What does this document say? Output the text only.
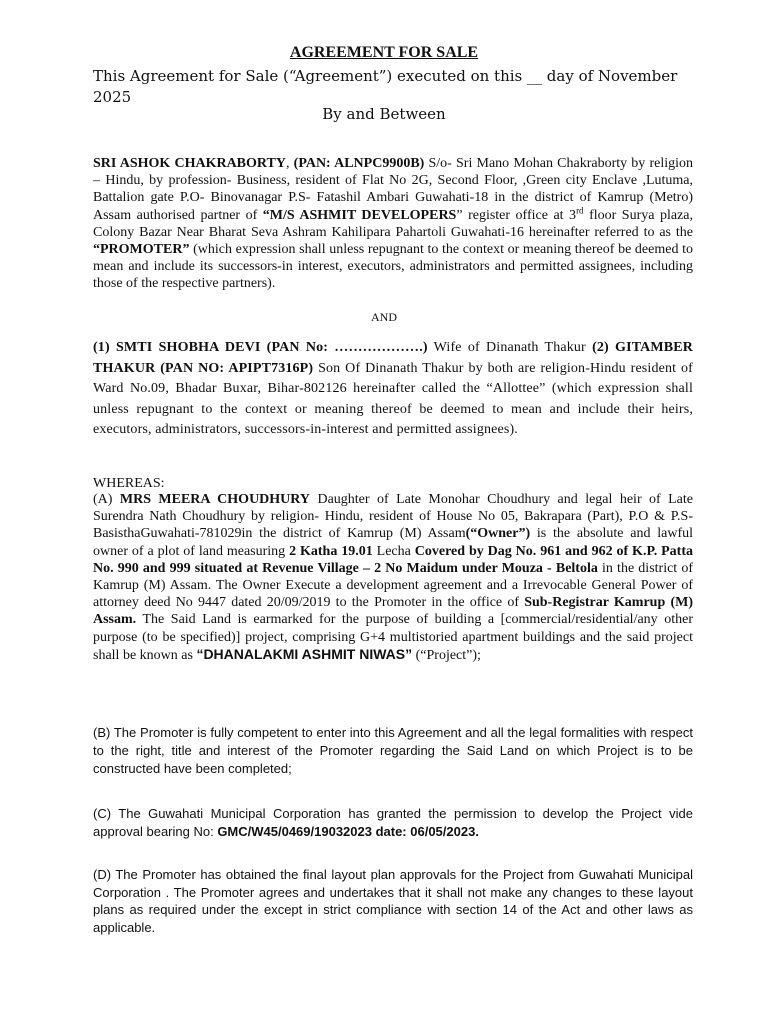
AGREEMENT FOR SALE
This Agreement for Sale (“Agreement”) executed on this __ day of November 2025
By and Between

SRI ASHOK CHAKRABORTY, (PAN: ALNPC9900B) S/o- Sri Mano Mohan Chakraborty by religion – Hindu, by profession- Business, resident of Flat No 2G, Second Floor, ,Green city Enclave ,Lutuma, Battalion gate P.O- Binovanagar P.S- Fatashil Ambari Guwahati-18 in the district of Kamrup (Metro) Assam authorised partner of “M/S ASHMIT DEVELOPERS” register office at 3rd floor Surya plaza, Colony Bazar Near Bharat Seva Ashram Kahilipara Pahartoli Guwahati-16 hereinafter referred to as the “PROMOTER” (which expression shall unless repugnant to the context or meaning thereof be deemed to mean and include its successors-in interest, executors, administrators and permitted assignees, including those of the respective partners).

AND

(1) SMTI SHOBHA DEVI (PAN No: ……………….) Wife of Dinanath Thakur (2) GITAMBER THAKUR (PAN NO: APIPT7316P) Son Of Dinanath Thakur by both are religion-Hindu resident of Ward No.09, Bhadar Buxar, Bihar-802126 hereinafter called the “Allottee” (which expression shall unless repugnant to the context or meaning thereof be deemed to mean and include their heirs, executors, administrators, successors-in-interest and permitted assignees).

WHEREAS:

(A) MRS MEERA CHOUDHURY Daughter of Late Monohar Choudhury and legal heir of Late Surendra Nath Choudhury by religion- Hindu, resident of House No 05, Bakrapara (Part), P.O & P.S- BasisthaGuwahati-781029in the district of Kamrup (M) Assam(“Owner”) is the absolute and lawful owner of a plot of land measuring 2 Katha 19.01 Lecha Covered by Dag No. 961 and 962 of K.P. Patta No. 990 and 999 situated at Revenue Village – 2 No Maidum under Mouza - Beltola in the district of Kamrup (M) Assam. The Owner Execute a development agreement and a Irrevocable General Power of attorney deed No 9447 dated 20/09/2019 to the Promoter in the office of Sub-Registrar Kamrup (M) Assam. The Said Land is earmarked for the purpose of building a [commercial/residential/any other purpose (to be specified)] project, comprising G+4 multistoried apartment buildings and the said project shall be known as “DHANALAKMI ASHMIT NIWAS” (“Project”);

(B) The Promoter is fully competent to enter into this Agreement and all the legal formalities with respect to the right, title and interest of the Promoter regarding the Said Land on which Project is to be constructed have been completed;

(C) The Guwahati Municipal Corporation has granted the permission to develop the Project vide approval bearing No: GMC/W45/0469/19032023 date: 06/05/2023.

(D) The Promoter has obtained the final layout plan approvals for the Project from Guwahati Municipal Corporation . The Promoter agrees and undertakes that it shall not make any changes to these layout plans as required under the except in strict compliance with section 14 of the Act and other laws as applicable.
